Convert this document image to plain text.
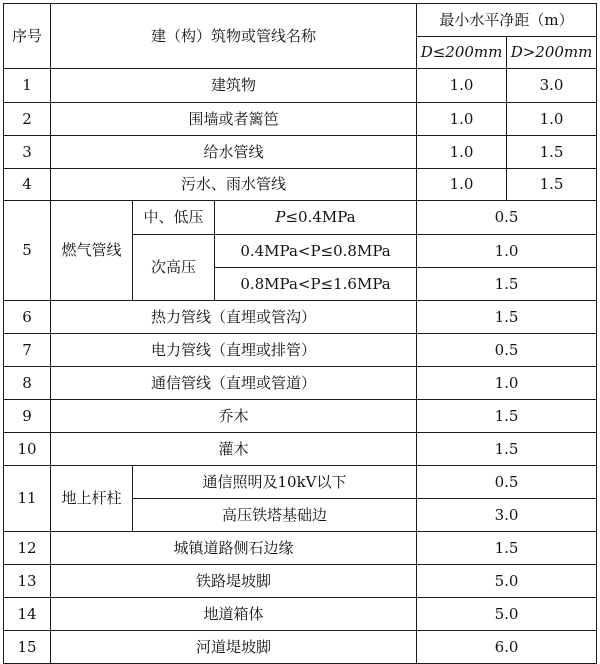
序号	建（构）筑物或管线名称			最小水平净距（m）	
				D≤200mm	D>200mm
1	建筑物			1.0	3.0
2	围墙或者篱笆			1.0	1.0
3	给水管线			1.0	1.5
4	污水、雨水管线			1.0	1.5
5	燃气管线	中、低压	P≤0.4MPa	0.5	
		次高压	0.4MPa<P≤0.8MPa	1.0	
			0.8MPa<P≤1.6MPa	1.5	
6	热力管线（直埋或管沟）			1.5	
7	电力管线（直埋或排管）			0.5	
8	通信管线（直埋或管道）			1.0	
9	乔木			1.5	
10	灌木			1.5	
11	地上杆柱	通信照明及10kV以下		0.5	
		高压铁塔基础边		3.0	
12	城镇道路侧石边缘			1.5	
13	铁路堤坡脚			5.0	
14	地道箱体			5.0	
15	河道堤坡脚			6.0	
